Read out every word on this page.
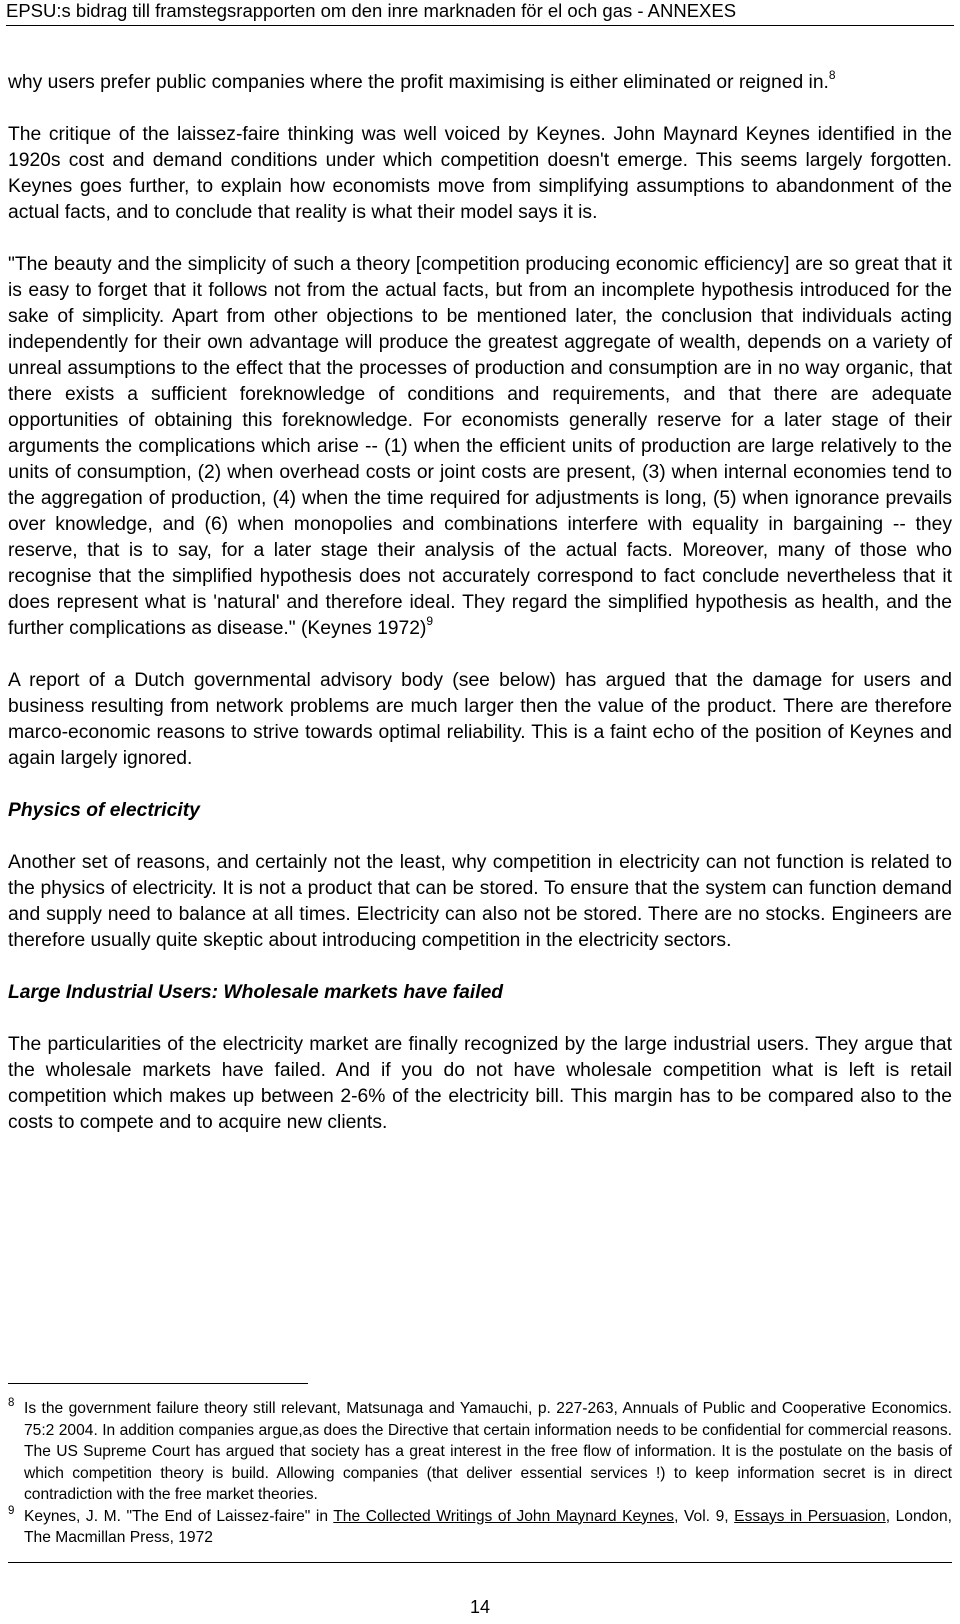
EPSU:s bidrag till framstegsrapporten om den inre marknaden för el och gas - ANNEXES

why users prefer public companies where the profit maximising is either eliminated or reigned in.$^8$

The critique of the laissez-faire thinking was well voiced by Keynes. John Maynard Keynes identified in the 1920s cost and demand conditions under which competition doesn't emerge. This seems largely forgotten. Keynes goes further, to explain how economists move from simplifying assumptions to abandonment of the actual facts, and to conclude that reality is what their model says it is.

"The beauty and the simplicity of such a theory [competition producing economic efficiency] are so great that it is easy to forget that it follows not from the actual facts, but from an incomplete hypothesis introduced for the sake of simplicity. Apart from other objections to be mentioned later, the conclusion that individuals acting independently for their own advantage will produce the greatest aggregate of wealth, depends on a variety of unreal assumptions to the effect that the processes of production and consumption are in no way organic, that there exists a sufficient foreknowledge of conditions and requirements, and that there are adequate opportunities of obtaining this foreknowledge. For economists generally reserve for a later stage of their arguments the complications which arise -- (1) when the efficient units of production are large relatively to the units of consumption, (2) when overhead costs or joint costs are present, (3) when internal economies tend to the aggregation of production, (4) when the time required for adjustments is long, (5) when ignorance prevails over knowledge, and (6) when monopolies and combinations interfere with equality in bargaining -- they reserve, that is to say, for a later stage their analysis of the actual facts. Moreover, many of those who recognise that the simplified hypothesis does not accurately correspond to fact conclude nevertheless that it does represent what is 'natural' and therefore ideal. They regard the simplified hypothesis as health, and the further complications as disease." (Keynes 1972)$^9$

A report of a Dutch governmental advisory body (see below) has argued that the damage for users and business resulting from network problems are much larger then the value of the product. There are therefore marco-economic reasons to strive towards optimal reliability. This is a faint echo of the position of Keynes and again largely ignored.

Physics of electricity

Another set of reasons, and certainly not the least, why competition in electricity can not function is related to the physics of electricity. It is not a product that can be stored. To ensure that the system can function demand and supply need to balance at all times. Electricity can also not be stored. There are no stocks. Engineers are therefore usually quite skeptic about introducing competition in the electricity sectors.

Large Industrial Users: Wholesale markets have failed

The particularities of the electricity market are finally recognized by the large industrial users. They argue that the wholesale markets have failed. And if you do not have wholesale competition what is left is retail competition which makes up between 2-6% of the electricity bill. This margin has to be compared also to the costs to compete and to acquire new clients.

8 Is the government failure theory still relevant, Matsunaga and Yamauchi, p. 227-263, Annuals of Public and Cooperative Economics. 75:2 2004. In addition companies argue,as does the Directive that certain information needs to be confidential for commercial reasons. The US Supreme Court has argued that society has a great interest in the free flow of information. It is the postulate on the basis of which competition theory is build. Allowing companies (that deliver essential services !) to keep information secret is in direct contradiction with the free market theories.

9 Keynes, J. M. "The End of Laissez-faire" in The Collected Writings of John Maynard Keynes, Vol. 9, Essays in Persuasion, London, The Macmillan Press, 1972

14
